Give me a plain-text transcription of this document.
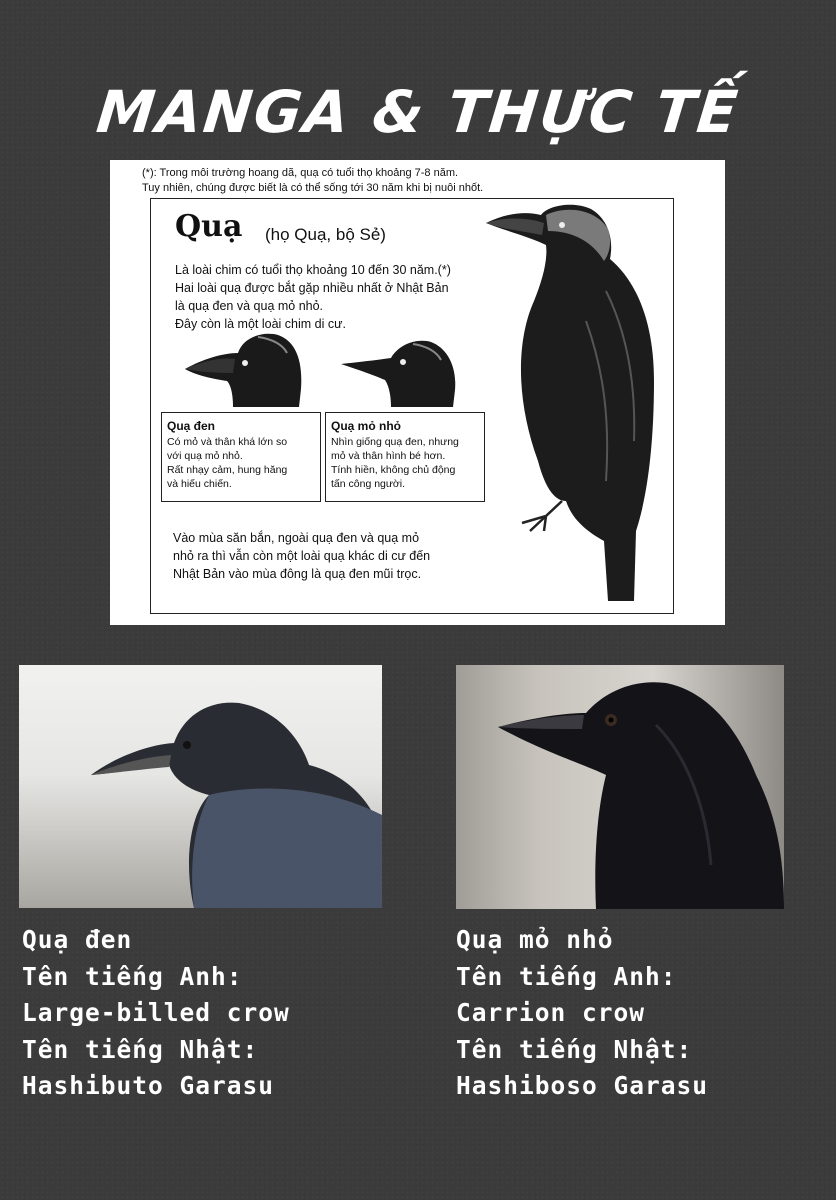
MANGA & THỰC TẾ
(*): Trong môi trường hoang dã, quạ có tuổi thọ khoảng 7-8 năm.
Tuy nhiên, chúng được biết là có thể sống tới 30 năm khi bị nuôi nhốt.
Quạ (họ Quạ, bộ Sẻ)
Là loài chim có tuổi thọ khoảng 10 đến 30 năm.(*)
Hai loài quạ được bắt gặp nhiều nhất ở Nhật Bản
là quạ đen và quạ mỏ nhỏ.
Đây còn là một loài chim di cư.
Quạ đen
Có mỏ và thân khá lớn so
với quạ mỏ nhỏ.
Rất nhạy cảm, hung hăng
và hiếu chiến.
Quạ mỏ nhỏ
Nhìn giống quạ đen, nhưng
mỏ và thân hình bé hơn.
Tính hiền, không chủ động
tấn công người.
Vào mùa săn bắn, ngoài quạ đen và quạ mỏ
nhỏ ra thì vẫn còn một loài quạ khác di cư đến
Nhật Bản vào mùa đông là quạ đen mũi trọc.
Quạ đen
Tên tiếng Anh:
Large-billed crow
Tên tiếng Nhật:
Hashibuto Garasu
Quạ mỏ nhỏ
Tên tiếng Anh:
Carrion crow
Tên tiếng Nhật:
Hashiboso Garasu
